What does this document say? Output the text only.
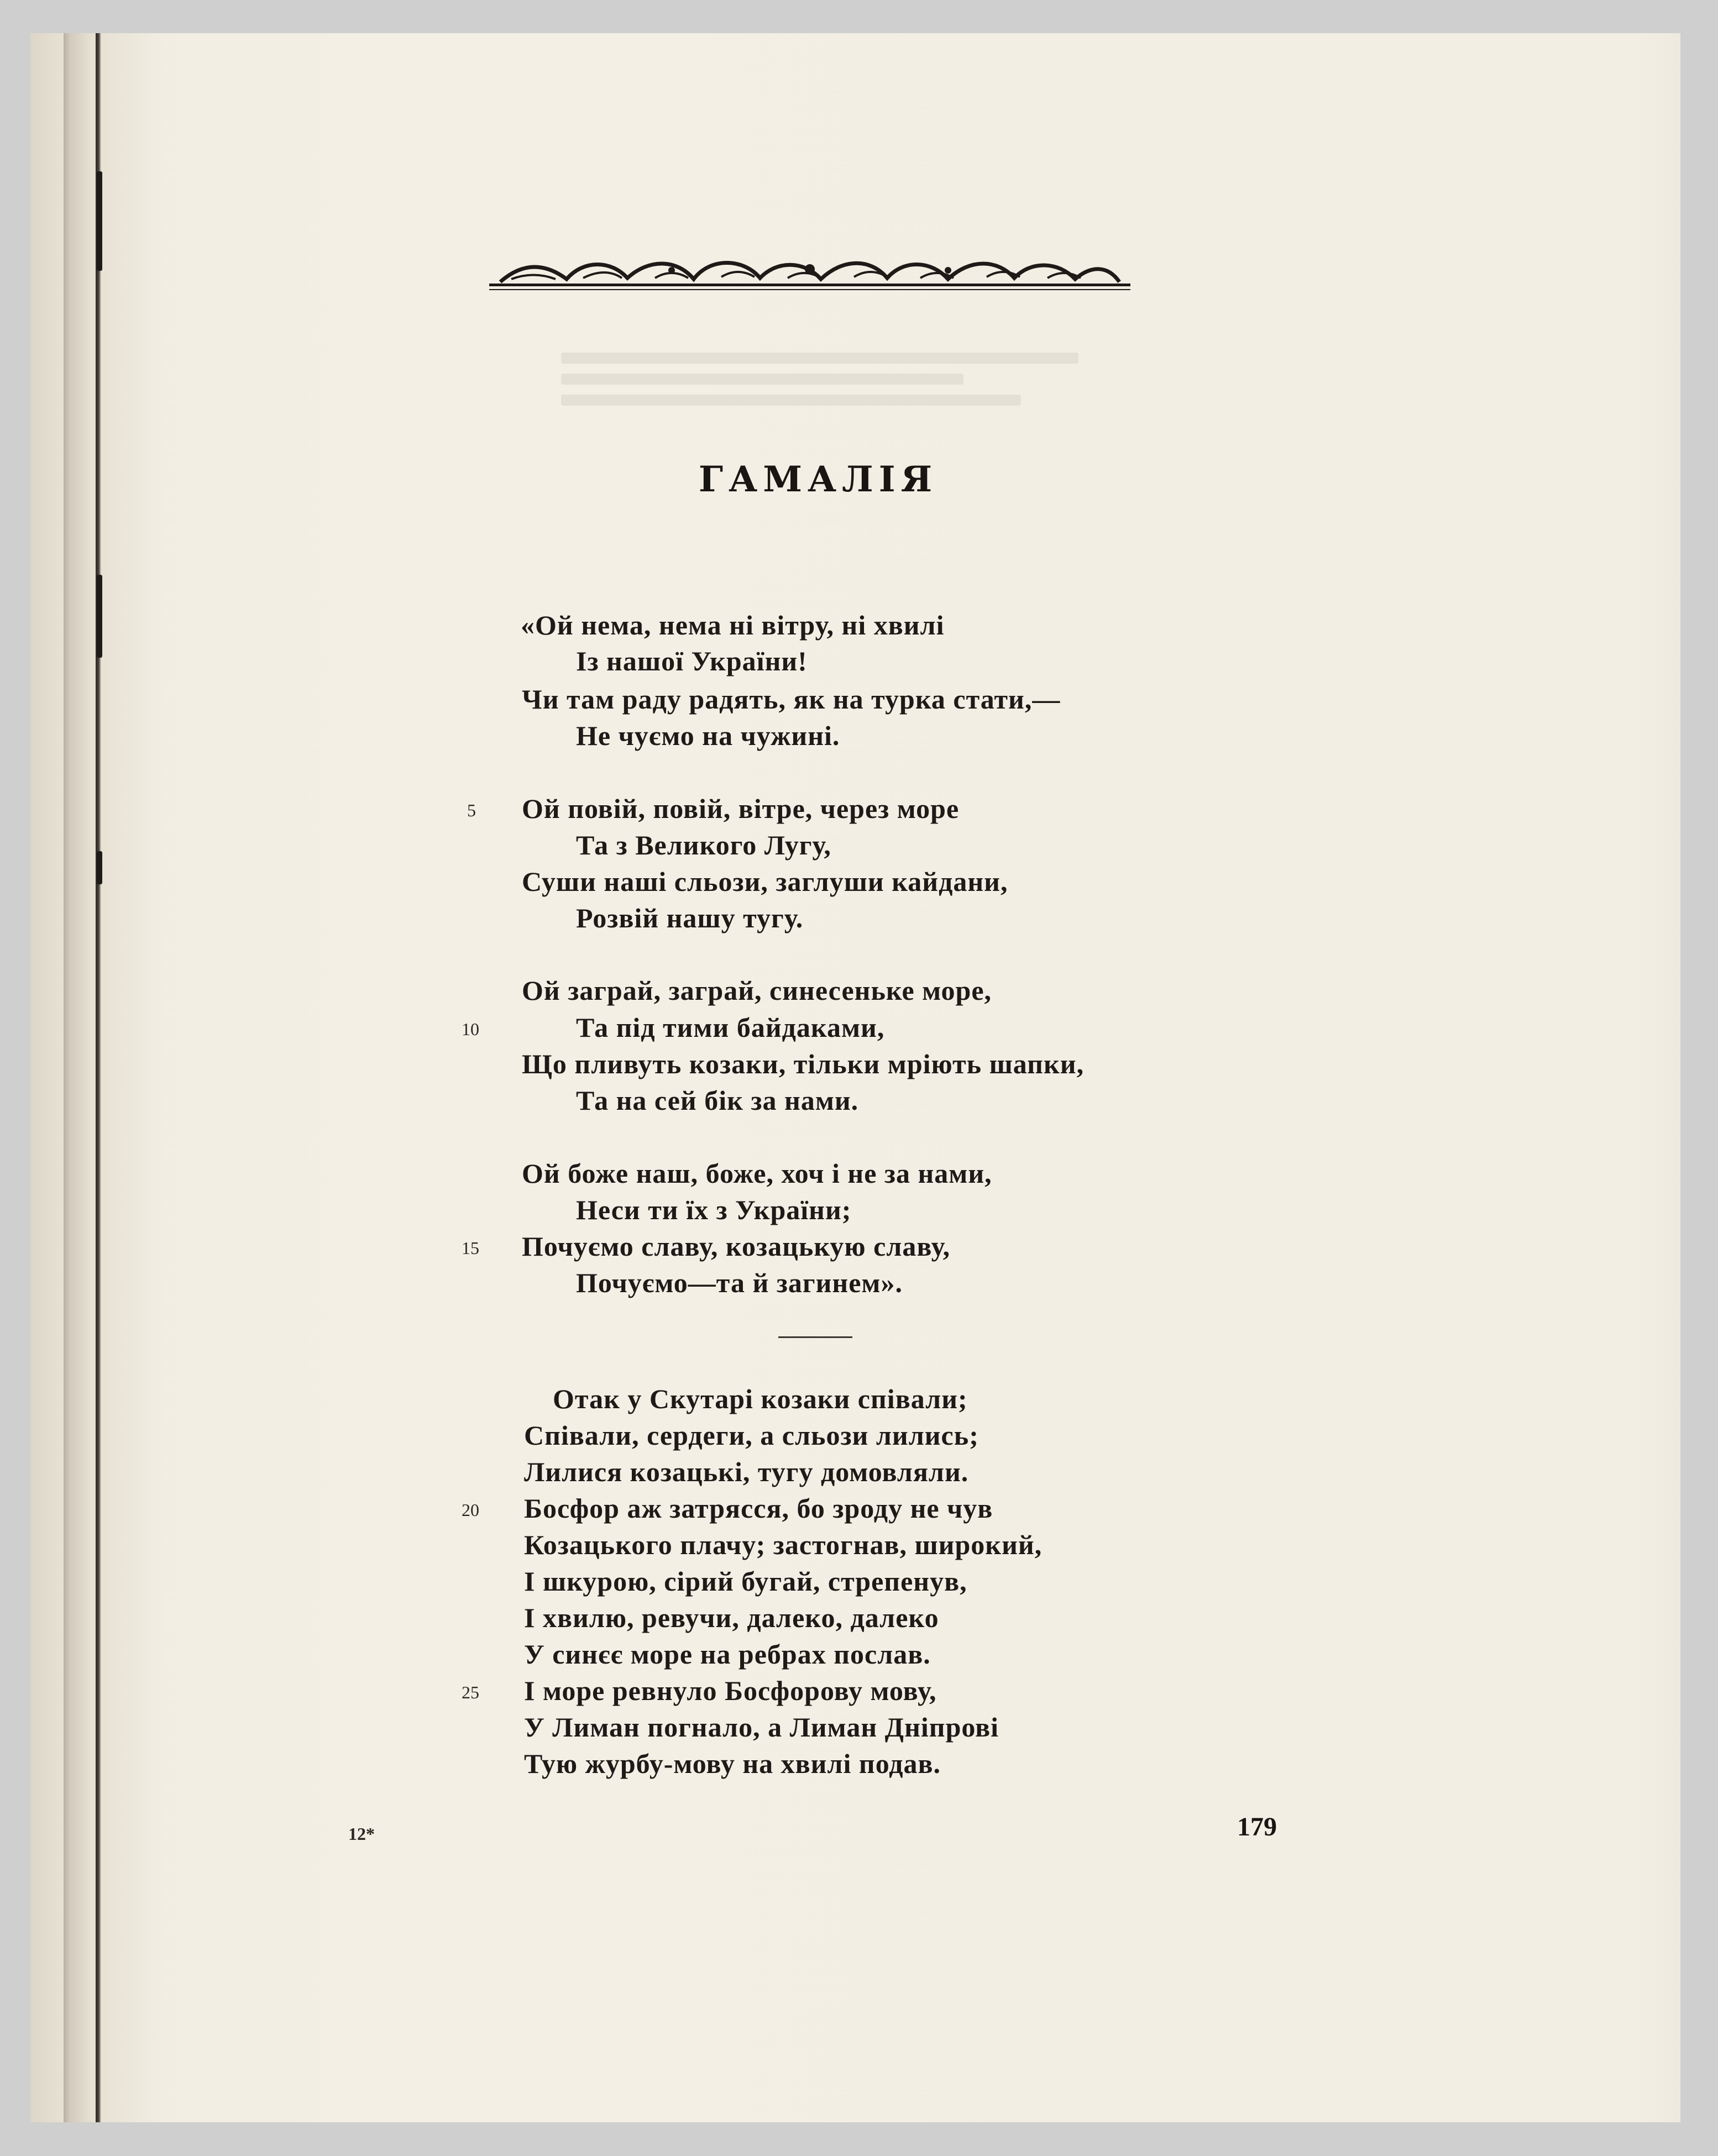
ГАМАЛІЯ
«Ой нема, нема ні вітру, ні хвилі
Із нашої України!
Чи там раду радять, як на турка стати,—
Не чуємо на чужині.
Ой повій, повій, вітре, через море
Та з Великого Лугу,
Суши наші сльози, заглуши кайдани,
Розвій нашу тугу.
Ой заграй, заграй, синесеньке море,
Та під тими байдаками,
Що пливуть козаки, тільки мріють шапки,
Та на сей бік за нами.
Ой боже наш, боже, хоч і не за нами,
Неси ти їх з України;
Почуємо славу, козацькую славу,
Почуємо—та й загинем».
Отак у Скутарі козаки співали;
Співали, сердеги, а сльози лились;
Лилися козацькі, тугу домовляли.
Босфор аж затрясся, бо зроду не чув
Козацького плачу; застогнав, широкий,
І шкурою, сірий бугай, стрепенув,
І хвилю, ревучи, далеко, далеко
У синєє море на ребрах послав.
І море ревнуло Босфорову мову,
У Лиман погнало, а Лиман Дніпрові
Тую журбу-мову на хвилі подав.
5
10
15
20
25
12*	179
